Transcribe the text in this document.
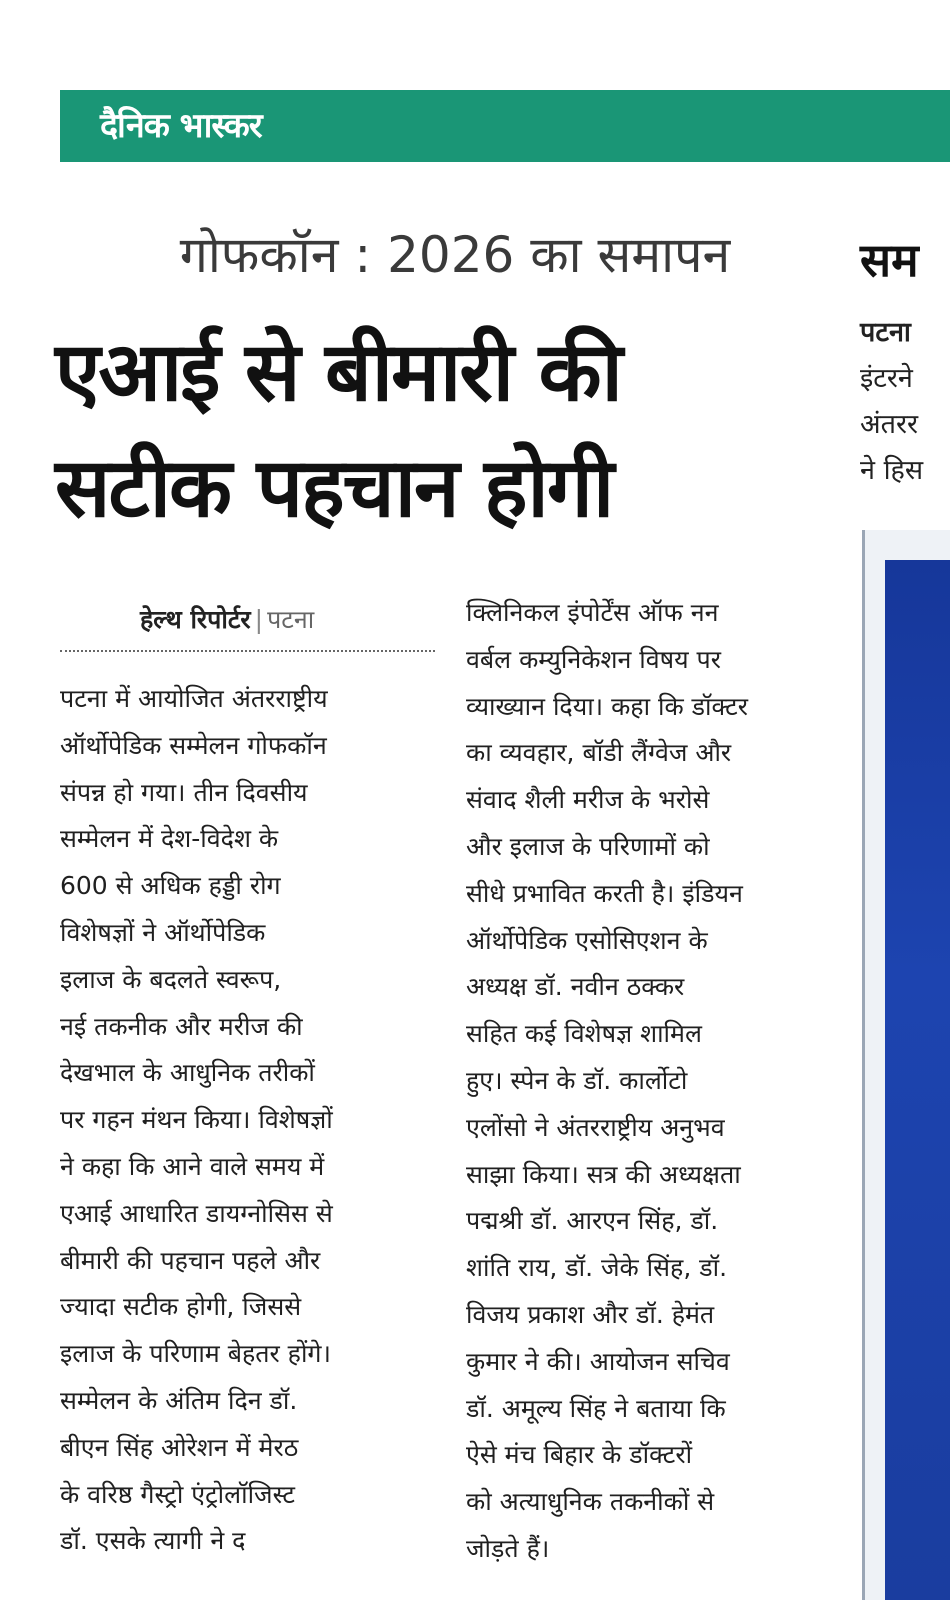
दैनिक भास्कर
गोफकॉन : 2026 का समापन
एआई से बीमारी की
सटीक पहचान होगी
हेल्थ रिपोर्टर | पटना
पटना में आयोजित अंतरराष्ट्रीय
ऑर्थोपेडिक सम्मेलन गोफकॉन
संपन्न हो गया। तीन दिवसीय
सम्मेलन में देश-विदेश के
600 से अधिक हड्डी रोग
विशेषज्ञों ने ऑर्थोपेडिक
इलाज के बदलते स्वरूप,
नई तकनीक और मरीज की
देखभाल के आधुनिक तरीकों
पर गहन मंथन किया। विशेषज्ञों
ने कहा कि आने वाले समय में
एआई आधारित डायग्नोसिस से
बीमारी की पहचान पहले और
ज्यादा सटीक होगी, जिससे
इलाज के परिणाम बेहतर होंगे।
सम्मेलन के अंतिम दिन डॉ.
बीएन सिंह ओरेशन में मेरठ
के वरिष्ठ गैस्ट्रो एंट्रोलॉजिस्ट
डॉ. एसके त्यागी ने द
क्लिनिकल इंपोर्टेंस ऑफ नन
वर्बल कम्युनिकेशन विषय पर
व्याख्यान दिया। कहा कि डॉक्टर
का व्यवहार, बॉडी लैंग्वेज और
संवाद शैली मरीज के भरोसे
और इलाज के परिणामों को
सीधे प्रभावित करती है। इंडियन
ऑर्थोपेडिक एसोसिएशन के
अध्यक्ष डॉ. नवीन ठक्कर
सहित कई विशेषज्ञ शामिल
हुए। स्पेन के डॉ. कार्लोटो
एलोंसो ने अंतरराष्ट्रीय अनुभव
साझा किया। सत्र की अध्यक्षता
पद्मश्री डॉ. आरएन सिंह, डॉ.
शांति राय, डॉ. जेके सिंह, डॉ.
विजय प्रकाश और डॉ. हेमंत
कुमार ने की। आयोजन सचिव
डॉ. अमूल्य सिंह ने बताया कि
ऐसे मंच बिहार के डॉक्टरों
को अत्याधुनिक तकनीकों से
जोड़ते हैं।
सम
पटना
इंटरने
अंतरर
ने हिस
